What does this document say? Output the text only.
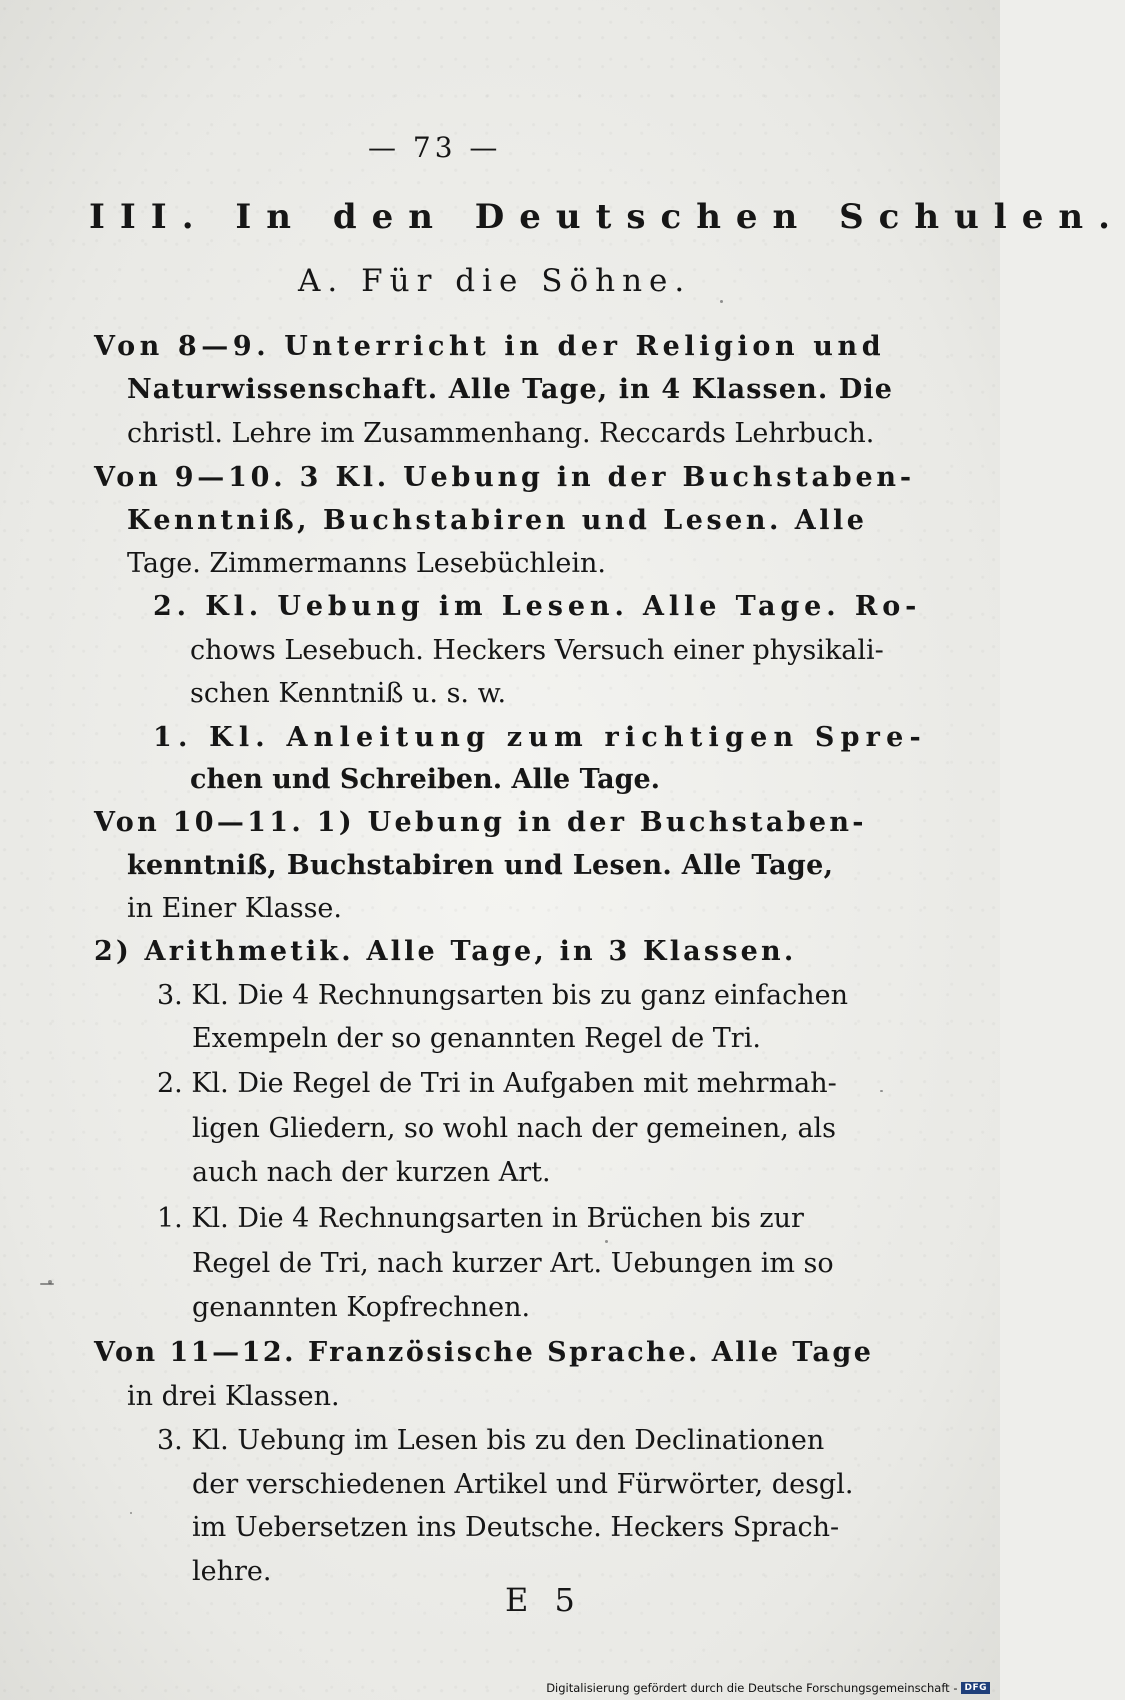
— 73 —
III. In den Deutschen Schulen.
A. Für die Söhne.
Von 8—9. Unterricht in der Religion und
Naturwissenschaft. Alle Tage, in 4 Klassen. Die
christl. Lehre im Zusammenhang. Reccards Lehrbuch.
Von 9—10. 3 Kl. Uebung in der Buchstaben-
Kenntniß, Buchstabiren und Lesen. Alle
Tage. Zimmermanns Lesebüchlein.
2. Kl. Uebung im Lesen. Alle Tage. Ro-
chows Lesebuch. Heckers Versuch einer physikali-
schen Kenntniß u. s. w.
1. Kl. Anleitung zum richtigen Spre-
chen und Schreiben. Alle Tage.
Von 10—11. 1) Uebung in der Buchstaben-
kenntniß, Buchstabiren und Lesen. Alle Tage,
in Einer Klasse.
2) Arithmetik. Alle Tage, in 3 Klassen.
3. Kl. Die 4 Rechnungsarten bis zu ganz einfachen
Exempeln der so genannten Regel de Tri.
2. Kl. Die Regel de Tri in Aufgaben mit mehrmah-
ligen Gliedern, so wohl nach der gemeinen, als
auch nach der kurzen Art.
1. Kl. Die 4 Rechnungsarten in Brüchen bis zur
Regel de Tri, nach kurzer Art. Uebungen im so
genannten Kopfrechnen.
Von 11—12. Französische Sprache. Alle Tage
in drei Klassen.
3. Kl. Uebung im Lesen bis zu den Declinationen
der verschiedenen Artikel und Fürwörter, desgl.
im Uebersetzen ins Deutsche. Heckers Sprach-
lehre.
E 5
Digitalisierung gefördert durch die Deutsche Forschungsgemeinschaft - DFG
